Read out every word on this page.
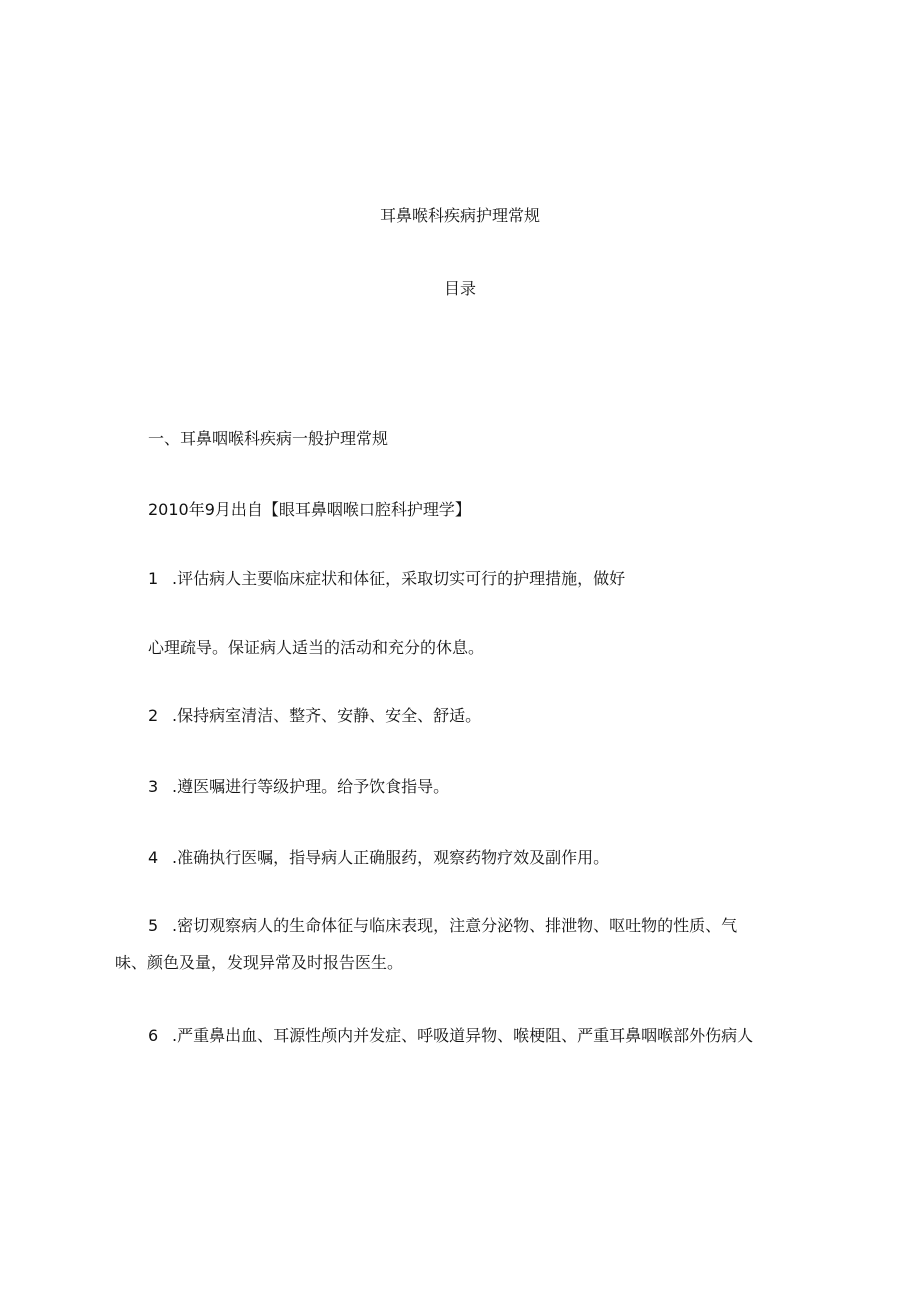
耳鼻喉科疾病护理常规
目录
一、耳鼻咽喉科疾病一般护理常规
2010年9月出自【眼耳鼻咽喉口腔科护理学】
1 .评估病人主要临床症状和体征，采取切实可行的护理措施，做好
心理疏导。保证病人适当的活动和充分的休息。
2 .保持病室清洁、整齐、安静、安全、舒适。
3 .遵医嘱进行等级护理。给予饮食指导。
4 .准确执行医嘱，指导病人正确服药，观察药物疗效及副作用。
5 .密切观察病人的生命体征与临床表现，注意分泌物、排泄物、呕吐物的性质、气
味、颜色及量，发现异常及时报告医生。
6 .严重鼻出血、耳源性颅内并发症、呼吸道异物、喉梗阻、严重耳鼻咽喉部外伤病人
